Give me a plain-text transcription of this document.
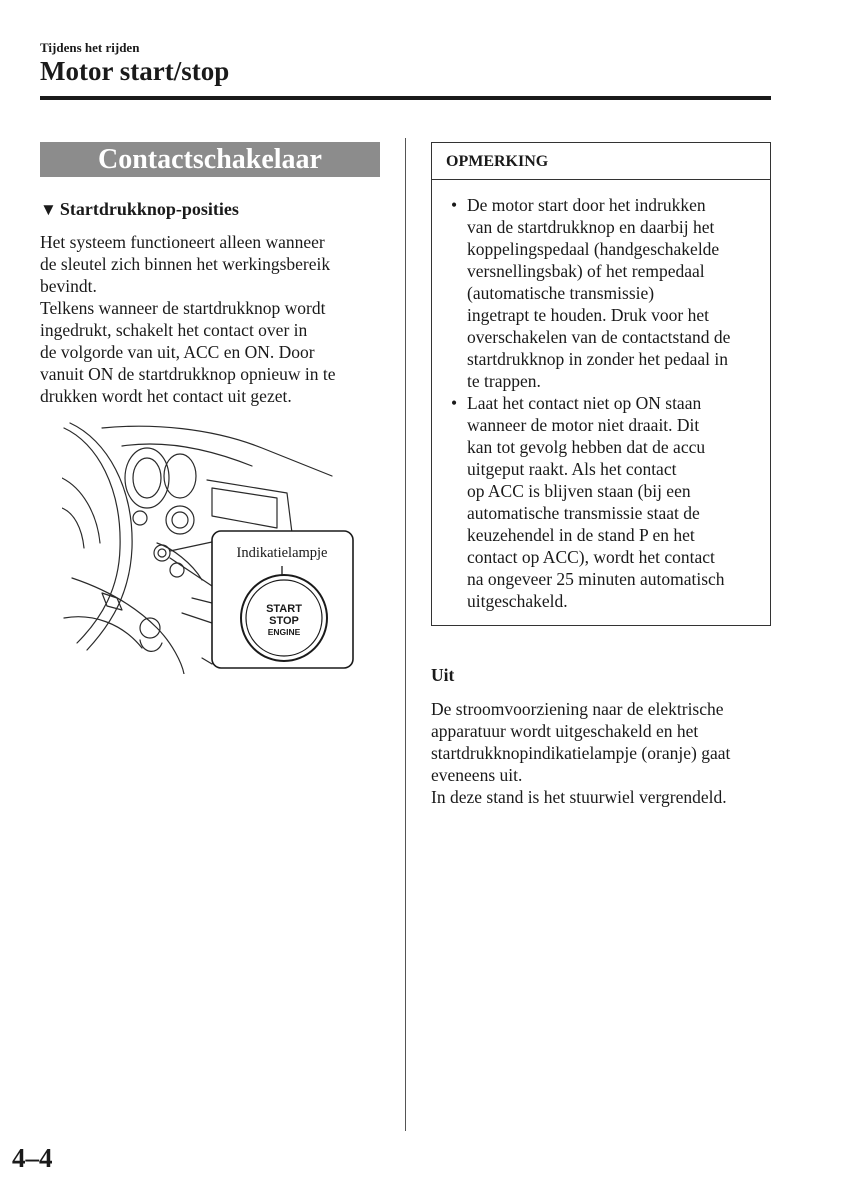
Tijdens het rijden
Motor start/stop
Contactschakelaar
▼ Startdrukknop-posities

Het systeem functioneert alleen wanneer
de sleutel zich binnen het werkingsbereik
bevindt.

Telkens wanneer de startdrukknop wordt
ingedrukt, schakelt het contact over in
de volgorde van uit, ACC en ON. Door
vanuit ON de startdrukknop opnieuw in te
drukken wordt het contact uit gezet.

Indikatielampje
START
STOP
ENGINE
OPMERKING
• De motor start door het indrukken
van de startdrukknop en daarbij het
koppelingspedaal (handgeschakelde
versnellingsbak) of het rempedaal
(automatische transmissie)
ingetrapt te houden. Druk voor het
overschakelen van de contactstand de
startdrukknop in zonder het pedaal in
te trappen.
• Laat het contact niet op ON staan
wanneer de motor niet draait. Dit
kan tot gevolg hebben dat de accu
uitgeput raakt. Als het contact
op ACC is blijven staan (bij een
automatische transmissie staat de
keuzehendel in de stand P en het
contact op ACC), wordt het contact
na ongeveer 25 minuten automatisch
uitgeschakeld.
Uit

De stroomvoorziening naar de elektrische
apparatuur wordt uitgeschakeld en het
startdrukknopindikatielampje (oranje) gaat
eveneens uit.

In deze stand is het stuurwiel vergrendeld.

4–4
